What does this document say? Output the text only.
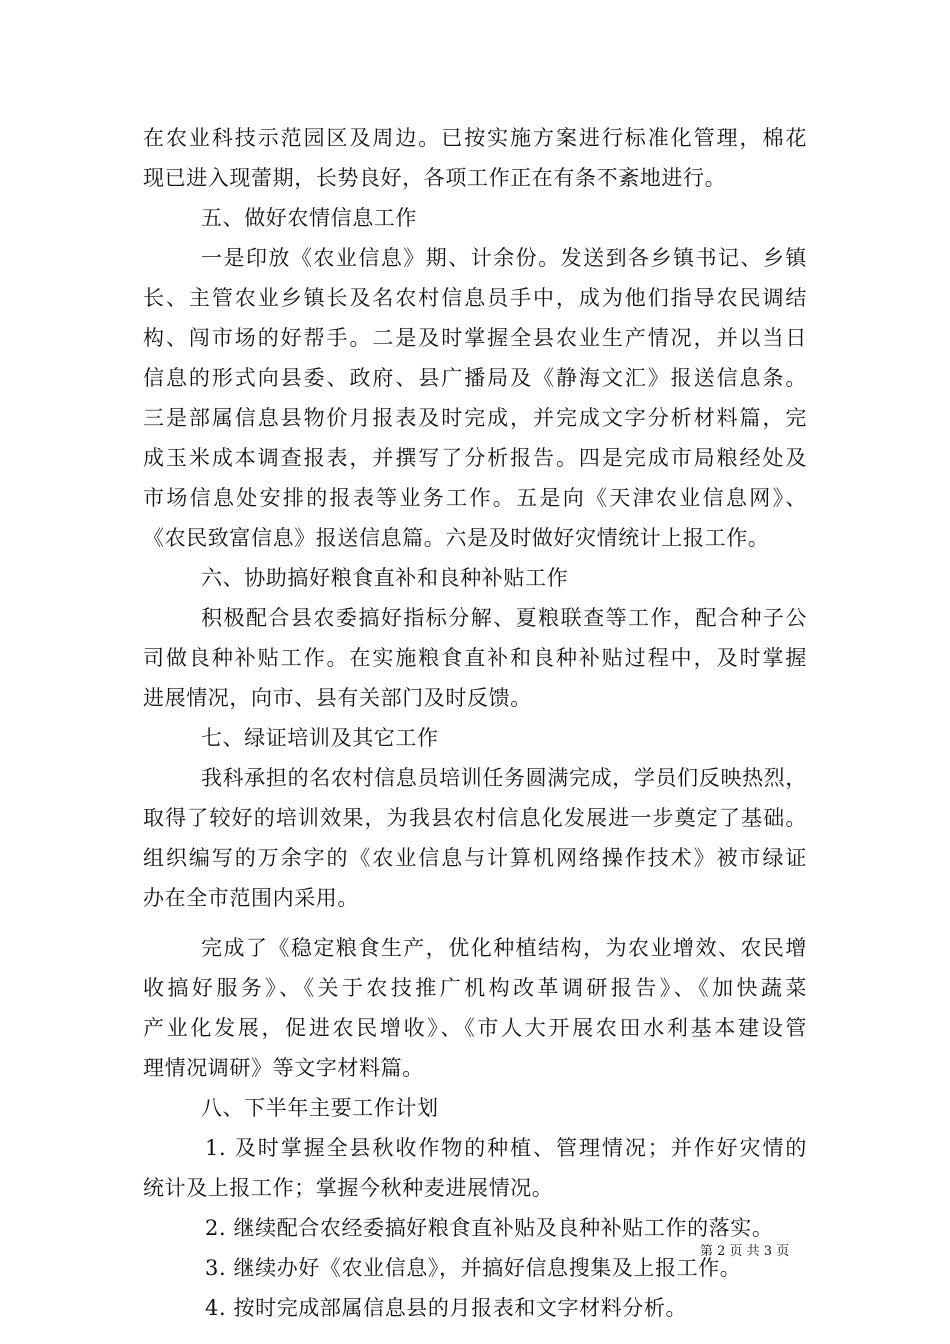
在农业科技示范园区及周边。已按实施方案进行标准化管理，棉花
现已进入现蕾期，长势良好，各项工作正在有条不紊地进行。
五、做好农情信息工作
一是印放《农业信息》期、计余份。发送到各乡镇书记、乡镇
长、主管农业乡镇长及名农村信息员手中，成为他们指导农民调结
构、闯市场的好帮手。二是及时掌握全县农业生产情况，并以当日
信息的形式向县委、政府、县广播局及《静海文汇》报送信息条。
三是部属信息县物价月报表及时完成，并完成文字分析材料篇，完
成玉米成本调查报表，并撰写了分析报告。四是完成市局粮经处及
市场信息处安排的报表等业务工作。五是向《天津农业信息网》、
《农民致富信息》报送信息篇。六是及时做好灾情统计上报工作。
六、协助搞好粮食直补和良种补贴工作
积极配合县农委搞好指标分解、夏粮联查等工作，配合种子公
司做良种补贴工作。在实施粮食直补和良种补贴过程中，及时掌握
进展情况，向市、县有关部门及时反馈。
七、绿证培训及其它工作
我科承担的名农村信息员培训任务圆满完成，学员们反映热烈，
取得了较好的培训效果，为我县农村信息化发展进一步奠定了基础。
组织编写的万余字的《农业信息与计算机网络操作技术》被市绿证
办在全市范围内采用。
完成了《稳定粮食生产，优化种植结构，为农业增效、农民增
收搞好服务》、《关于农技推广机构改革调研报告》、《加快蔬菜
产业化发展，促进农民增收》、《市人大开展农田水利基本建设管
理情况调研》等文字材料篇。
八、下半年主要工作计划
1. 及时掌握全县秋收作物的种植、管理情况；并作好灾情的
统计及上报工作；掌握今秋种麦进展情况。
2. 继续配合农经委搞好粮食直补贴及良种补贴工作的落实。
3. 继续办好《农业信息》，并搞好信息搜集及上报工作。
4. 按时完成部属信息县的月报表和文字材料分析。
第 2 页 共 3 页
